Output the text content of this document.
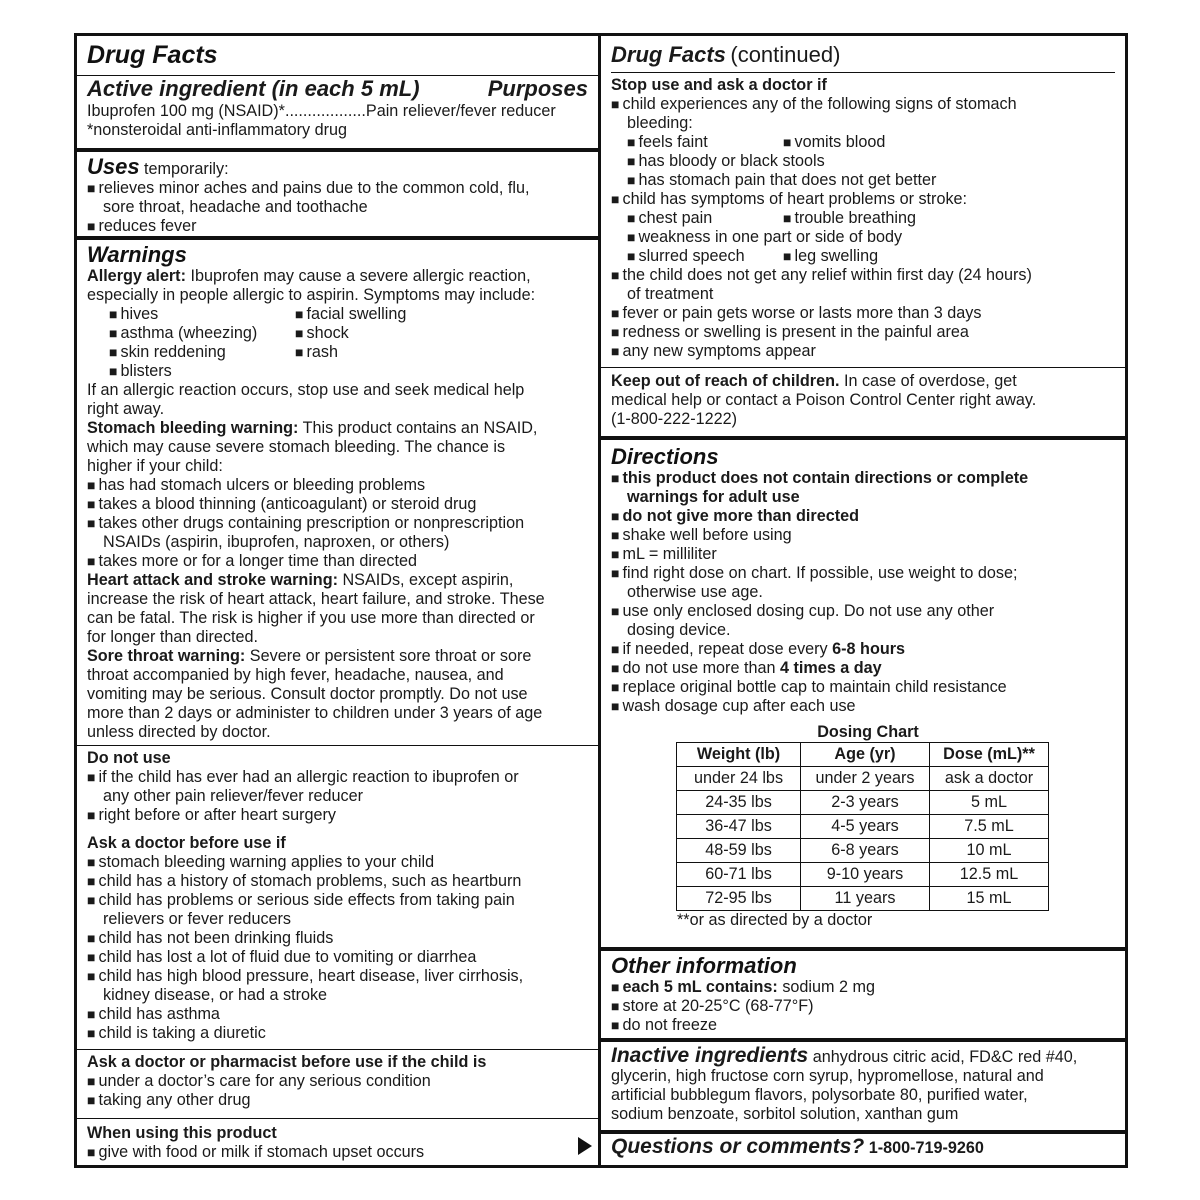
Drug Facts
Active ingredient (in each 5 mL)	Purposes
Ibuprofen 100 mg (NSAID)*..................Pain reliever/fever reducer
*nonsteroidal anti-inflammatory drug
Uses temporarily:
■ relieves minor aches and pains due to the common cold, flu,
sore throat, headache and toothache
■ reduces fever
Warnings
Allergy alert: Ibuprofen may cause a severe allergic reaction,
especially in people allergic to aspirin. Symptoms may include:
■ hives
■ asthma (wheezing)
■ skin reddening
■ blisters
■ facial swelling
■ shock
■ rash
If an allergic reaction occurs, stop use and seek medical help
right away.
Stomach bleeding warning: This product contains an NSAID,
which may cause severe stomach bleeding. The chance is
higher if your child:
■ has had stomach ulcers or bleeding problems
■ takes a blood thinning (anticoagulant) or steroid drug
■ takes other drugs containing prescription or nonprescription
NSAIDs (aspirin, ibuprofen, naproxen, or others)
■ takes more or for a longer time than directed
Heart attack and stroke warning: NSAIDs, except aspirin,
increase the risk of heart attack, heart failure, and stroke. These
can be fatal. The risk is higher if you use more than directed or
for longer than directed.
Sore throat warning: Severe or persistent sore throat or sore
throat accompanied by high fever, headache, nausea, and
vomiting may be serious. Consult doctor promptly. Do not use
more than 2 days or administer to children under 3 years of age
unless directed by doctor.
Do not use
■ if the child has ever had an allergic reaction to ibuprofen or
any other pain reliever/fever reducer
■ right before or after heart surgery
Ask a doctor before use if
■ stomach bleeding warning applies to your child
■ child has a history of stomach problems, such as heartburn
■ child has problems or serious side effects from taking pain
relievers or fever reducers
■ child has not been drinking fluids
■ child has lost a lot of fluid due to vomiting or diarrhea
■ child has high blood pressure, heart disease, liver cirrhosis,
kidney disease, or had a stroke
■ child has asthma
■ child is taking a diuretic
Ask a doctor or pharmacist before use if the child is
■ under a doctor’s care for any serious condition
■ taking any other drug
When using this product
■ give with food or milk if stomach upset occurs
Drug Facts (continued)
Stop use and ask a doctor if
■ child experiences any of the following signs of stomach
bleeding:
■ feels faint	■ vomits blood
■ has bloody or black stools
■ has stomach pain that does not get better
■ child has symptoms of heart problems or stroke:
■ chest pain	■ trouble breathing
■ weakness in one part or side of body
■ slurred speech	■ leg swelling
■ the child does not get any relief within first day (24 hours)
of treatment
■ fever or pain gets worse or lasts more than 3 days
■ redness or swelling is present in the painful area
■ any new symptoms appear
Keep out of reach of children. In case of overdose, get
medical help or contact a Poison Control Center right away.
(1-800-222-1222)
Directions
■ this product does not contain directions or complete
warnings for adult use
■ do not give more than directed
■ shake well before using
■ mL = milliliter
■ find right dose on chart. If possible, use weight to dose;
otherwise use age.
■ use only enclosed dosing cup. Do not use any other
dosing device.
■ if needed, repeat dose every 6-8 hours
■ do not use more than 4 times a day
■ replace original bottle cap to maintain child resistance
■ wash dosage cup after each use
Dosing Chart
Weight (lb)	Age (yr)	Dose (mL)**
under 24 lbs	under 2 years	ask a doctor
24-35 lbs	2-3 years	5 mL
36-47 lbs	4-5 years	7.5 mL
48-59 lbs	6-8 years	10 mL
60-71 lbs	9-10 years	12.5 mL
72-95 lbs	11 years	15 mL
**or as directed by a doctor
Other information
■ each 5 mL contains: sodium 2 mg
■ store at 20-25°C (68-77°F)
■ do not freeze
Inactive ingredients anhydrous citric acid, FD&C red #40,
glycerin, high fructose corn syrup, hypromellose, natural and
artificial bubblegum flavors, polysorbate 80, purified water,
sodium benzoate, sorbitol solution, xanthan gum
Questions or comments? 1-800-719-9260
